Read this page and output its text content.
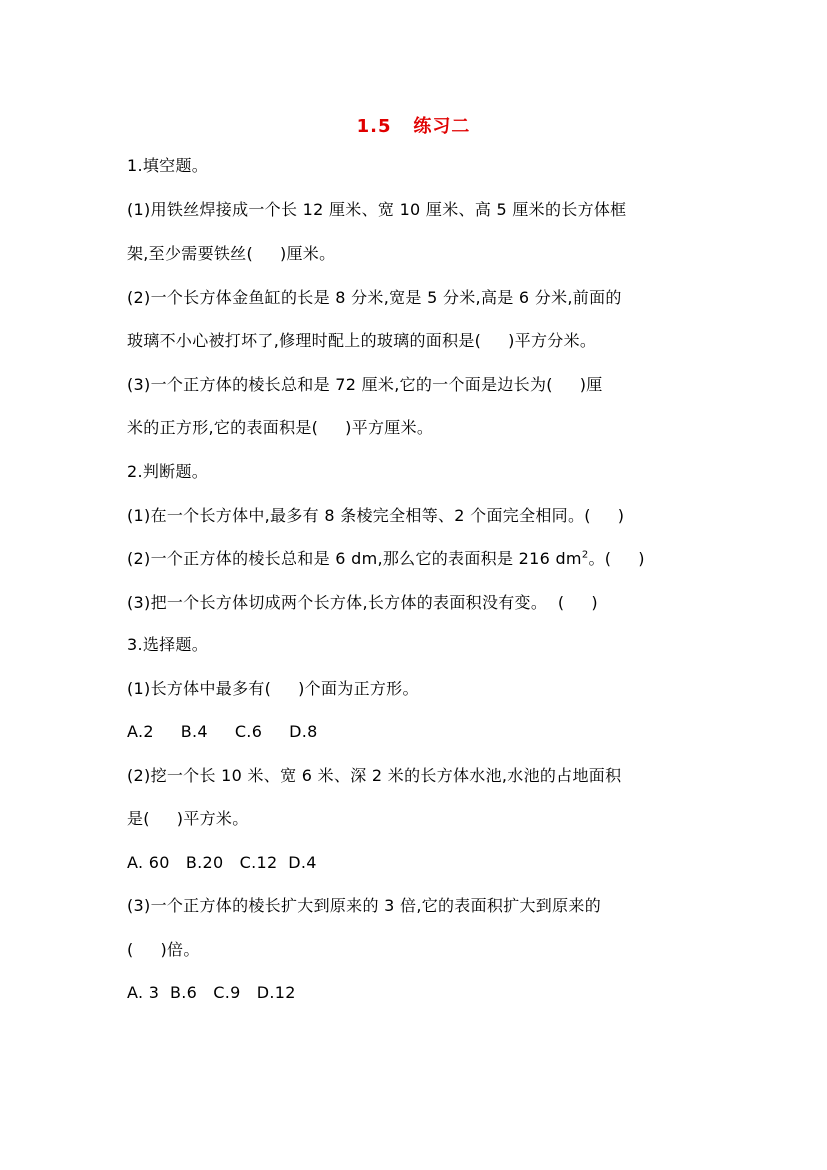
1.5   练习二
1.填空题。
(1)用铁丝焊接成一个长 12 厘米、宽 10 厘米、高 5 厘米的长方体框
架,至少需要铁丝(     )厘米。
(2)一个长方体金鱼缸的长是 8 分米,宽是 5 分米,高是 6 分米,前面的
玻璃不小心被打坏了,修理时配上的玻璃的面积是(     )平方分米。
(3)一个正方体的棱长总和是 72 厘米,它的一个面是边长为(     )厘
米的正方形,它的表面积是(     )平方厘米。
2.判断题。
(1)在一个长方体中,最多有 8 条棱完全相等、2 个面完全相同。(     )
(2)一个正方体的棱长总和是 6 dm,那么它的表面积是 216 $dm^2$。(     )
(3)把一个长方体切成两个长方体,长方体的表面积没有变。  (     )
3.选择题。
(1)长方体中最多有(     )个面为正方形。
A.2     B.4     C.6     D.8
(2)挖一个长 10 米、宽 6 米、深 2 米的长方体水池,水池的占地面积
是(     )平方米。
A. 60   B.20   C.12  D.4
(3)一个正方体的棱长扩大到原来的 3 倍,它的表面积扩大到原来的
(     )倍。
A. 3  B.6   C.9   D.12
